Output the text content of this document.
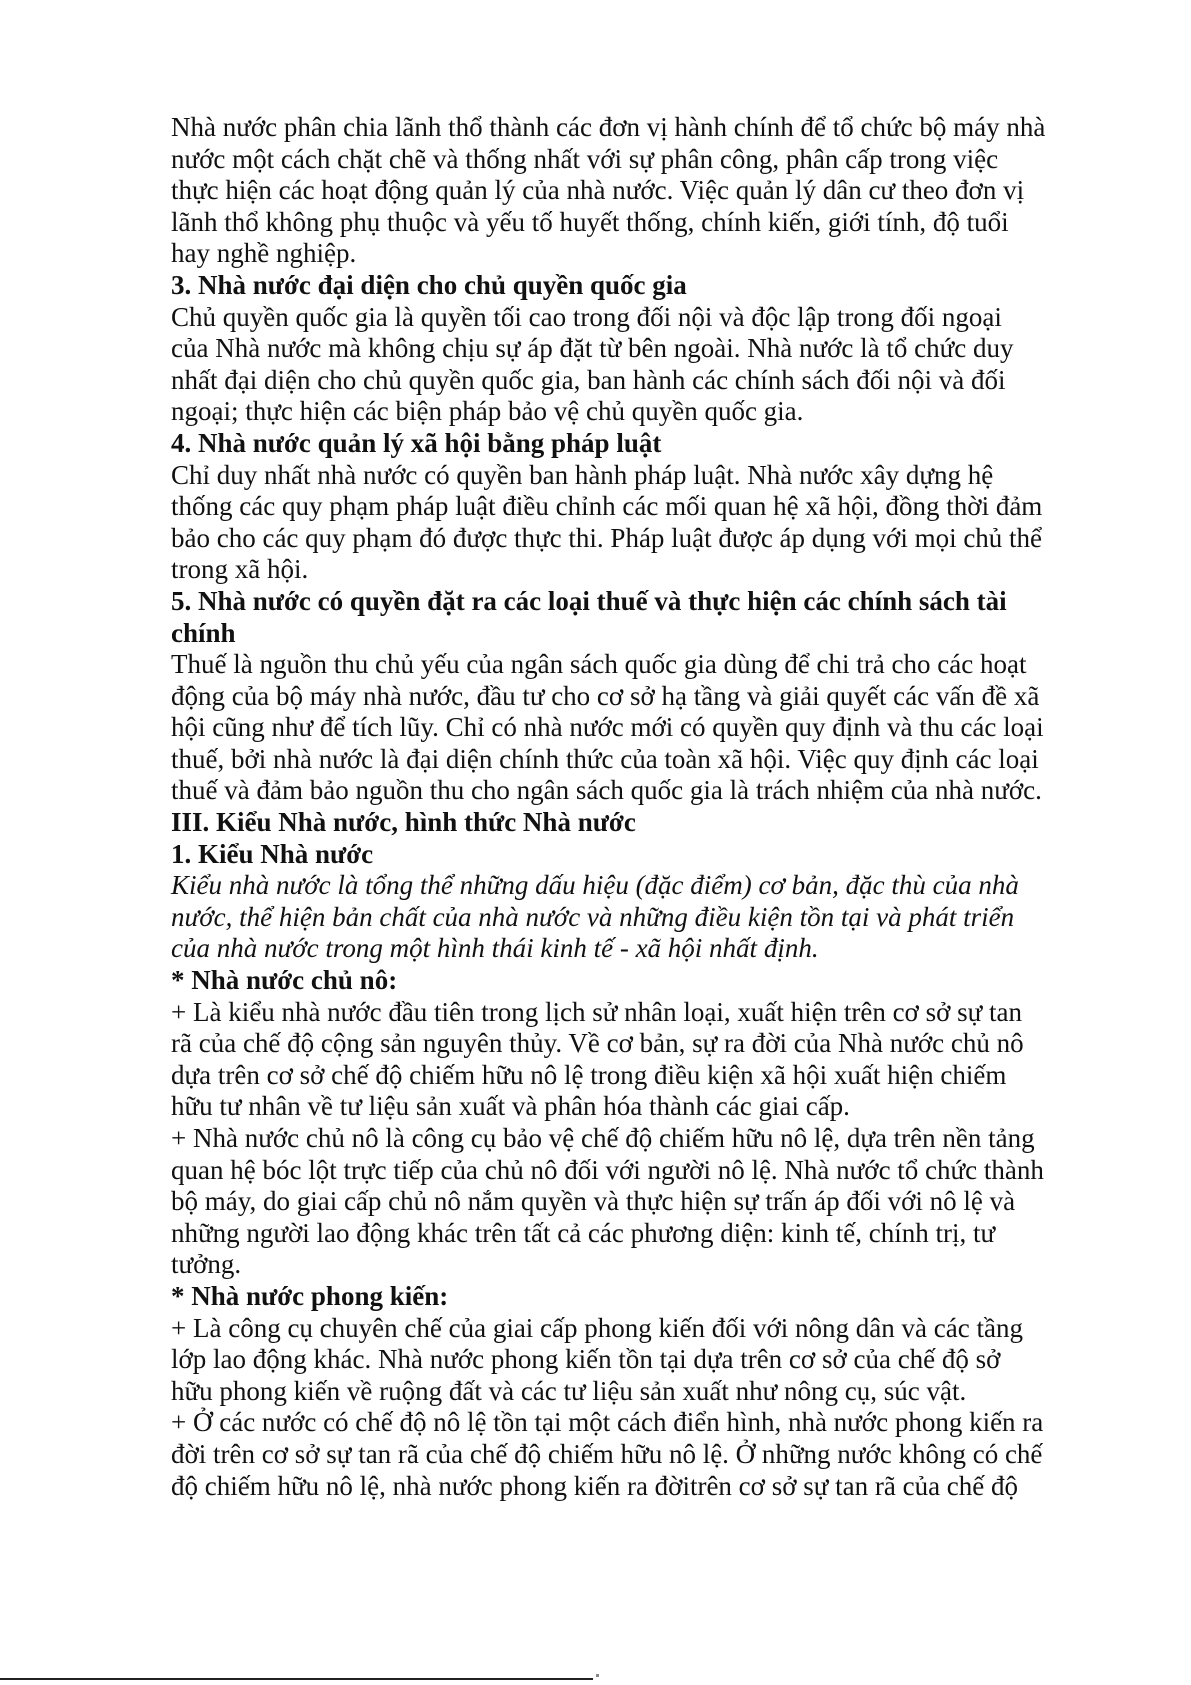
Nhà nước phân chia lãnh thổ thành các đơn vị hành chính để tổ chức bộ máy nhà
nước một cách chặt chẽ và thống nhất với sự phân công, phân cấp trong việc
thực hiện các hoạt động quản lý của nhà nước. Việc quản lý dân cư theo đơn vị
lãnh thổ không phụ thuộc và yếu tố huyết thống, chính kiến, giới tính, độ tuổi
hay nghề nghiệp.
3. Nhà nước đại diện cho chủ quyền quốc gia
Chủ quyền quốc gia là quyền tối cao trong đối nội và độc lập trong đối ngoại
của Nhà nước mà không chịu sự áp đặt từ bên ngoài. Nhà nước là tổ chức duy
nhất đại diện cho chủ quyền quốc gia, ban hành các chính sách đối nội và đối
ngoại; thực hiện các biện pháp bảo vệ chủ quyền quốc gia.
4. Nhà nước quản lý xã hội bằng pháp luật
Chỉ duy nhất nhà nước có quyền ban hành pháp luật. Nhà nước xây dựng hệ
thống các quy phạm pháp luật điều chỉnh các mối quan hệ xã hội, đồng thời đảm
bảo cho các quy phạm đó được thực thi. Pháp luật được áp dụng với mọi chủ thể
trong xã hội.
5. Nhà nước có quyền đặt ra các loại thuế và thực hiện các chính sách tài
chính
Thuế là nguồn thu chủ yếu của ngân sách quốc gia dùng để chi trả cho các hoạt
động của bộ máy nhà nước, đầu tư cho cơ sở hạ tầng và giải quyết các vấn đề xã
hội cũng như để tích lũy. Chỉ có nhà nước mới có quyền quy định và thu các loại
thuế, bởi nhà nước là đại diện chính thức của toàn xã hội. Việc quy định các loại
thuế và đảm bảo nguồn thu cho ngân sách quốc gia là trách nhiệm của nhà nước.
III. Kiểu Nhà nước, hình thức Nhà nước
1. Kiểu Nhà nước
Kiểu nhà nước là tổng thể những dấu hiệu (đặc điểm) cơ bản, đặc thù của nhà
nước, thể hiện bản chất của nhà nước và những điều kiện tồn tại và phát triển
của nhà nước trong một hình thái kinh tế - xã hội nhất định.
* Nhà nước chủ nô:
+ Là kiểu nhà nước đầu tiên trong lịch sử nhân loại, xuất hiện trên cơ sở sự tan
rã của chế độ cộng sản nguyên thủy. Về cơ bản, sự ra đời của Nhà nước chủ nô
dựa trên cơ sở chế độ chiếm hữu nô lệ trong điều kiện xã hội xuất hiện chiếm
hữu tư nhân về tư liệu sản xuất và phân hóa thành các giai cấp.
+ Nhà nước chủ nô là công cụ bảo vệ chế độ chiếm hữu nô lệ, dựa trên nền tảng
quan hệ bóc lột trực tiếp của chủ nô đối với người nô lệ. Nhà nước tổ chức thành
bộ máy, do giai cấp chủ nô nắm quyền và thực hiện sự trấn áp đối với nô lệ và
những người lao động khác trên tất cả các phương diện: kinh tế, chính trị, tư
tưởng.
* Nhà nước phong kiến:
+ Là công cụ chuyên chế của giai cấp phong kiến đối với nông dân và các tầng
lớp lao động khác. Nhà nước phong kiến tồn tại dựa trên cơ sở của chế độ sở
hữu phong kiến về ruộng đất và các tư liệu sản xuất như nông cụ, súc vật.
+ Ở các nước có chế độ nô lệ tồn tại một cách điển hình, nhà nước phong kiến ra
đời trên cơ sở sự tan rã của chế độ chiếm hữu nô lệ. Ở những nước không có chế
độ chiếm hữu nô lệ, nhà nước phong kiến ra đờitrên cơ sở sự tan rã của chế độ
